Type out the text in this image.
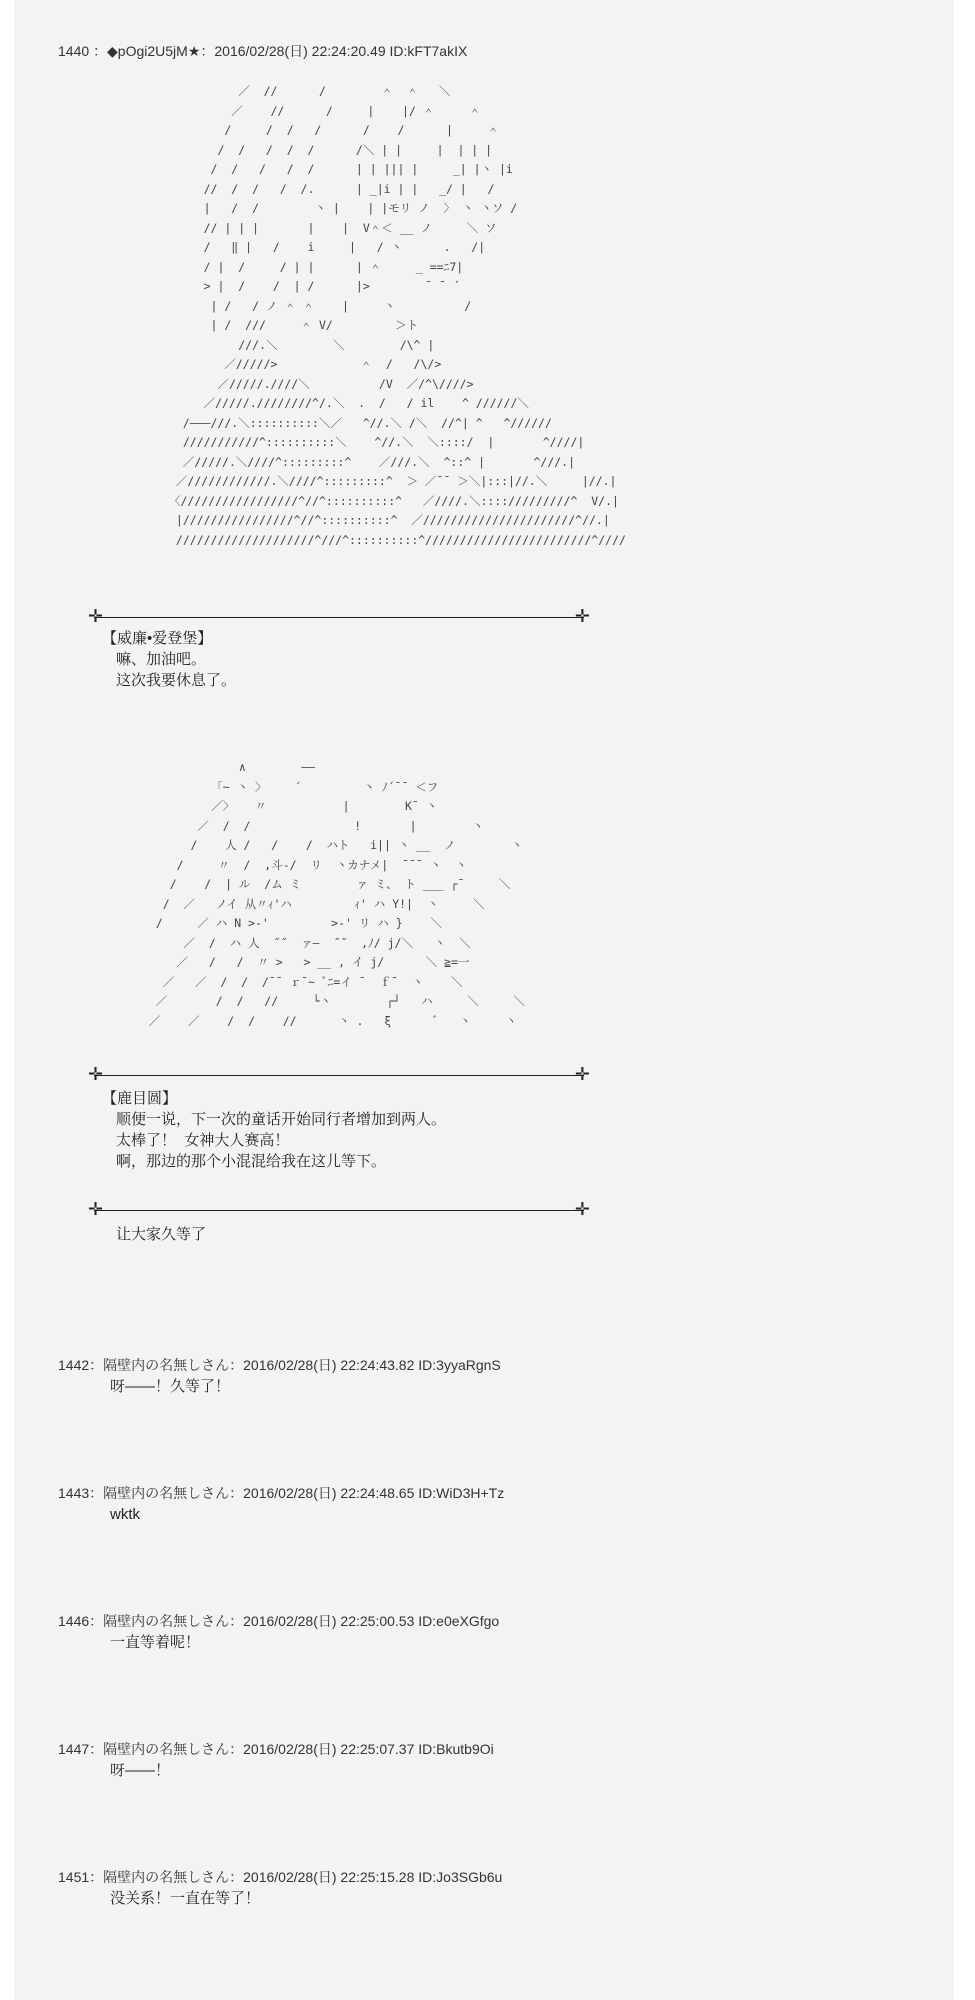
1440 ：◆pOgi2U5jM★：2016/02/28(日) 22:24:20.49 ID:kFT7akIX
／  //      /        ＾  ＾   ＼
／    //      /     |    |/ ＾     ＾
/     /  /   /      /    /      |     ＾
/  /   /  /  /      /＼ | |     |  | | |
/  /   /   /  /      | | ||| |     _| |丶 |i
//  /  /   /  /.      | _|i | |   _/ |   /
|   /  /        丶 |    | |モリ ノ  〉 丶 丶ソ /
// | | |       |    |  V＾＜ __ ノ     ＼ ソ
/   ‖ |   /    i     |   / 丶      .   /|
/ |  /     / | |      | ＾     _ ==ﾆ7|
> |  /    /  | /      |>        ¯ ¯ ´
| /   / ノ ＾ ＾    |     丶          /
| /  ///     ＾ V/         ＞ト
///.＼        ＼        /\^ |
／/////>            ＾  /   /\/>
／/////.////＼          /V  ／/^\////>
／/////.////////^/.＼  .  /   / il    ^ //////＼
/———///.＼::::::::::＼／   ^//.＼ /＼  //^| ^   ^//////
///////////^::::::::::＼    ^//.＼  ＼::::/  |       ^////|
／/////.＼////^:::::::::^    ／///.＼  ^::^ |       ^///.|
／////////////.＼////^:::::::::^  ＞ ／¯¯ ＞＼|:::|//.＼     |//.|
〈/////////////////^//^::::::::::^   ／////.＼:::://///////^  V/.|
|////////////////^//^::::::::::^  ／//////////////////////^//.|
////////////////////^///^::::::::::^////////////////////////^////
✛	✛
【威廉•爱登堡】
嘛、加油吧。
这次我要休息了。
∧        ——
「~ 丶 〉    ´         丶 ﾉ´¯¯ ＜フ
／〉   〃           |        K¯ 丶
／  /  /               !       |        丶
/    人 /   /    /  ハト   i|| 丶 __  ノ        丶
/     〃  /  ,斗-/  リ  丶カナメ|  ¯¯¯ 丶  丶
/    /  | ル  /ム ミ        ァ ミ、 ト ___ ┌¯     ＼
/  ／   ノイ 从〃ｨ'ハ         ｨ' ハ Y!|  丶     ＼
/     ／ ハ N >-'         >-' リ ハ }    ＼
／  /  ハ 人  ˝˝  ァ—  ˝˝  ,ﾉ/ j/＼   丶  ＼
／   /   /  〃 >   > __ , イ j/      ＼ ≧=一
／   ／  /  /  /¯¯ ｒ¯~ ﾞﾆ=イ ¯  ｆ¯  丶    ＼
／       /  /   //     └丶        ┌┘   ハ     ＼     ＼
／    ／    /  /    //      丶 .   ξ      ﾞ   丶     丶
✛	✛
【鹿目圆】
顺便一说，下一次的童话开始同行者增加到两人。
太棒了！  女神大人赛高！
啊，那边的那个小混混给我在这儿等下。
✛	✛
让大家久等了
1442：隔壁内の名無しさん：2016/02/28(日) 22:24:43.82 ID:3yyaRgnS
呀——！久等了！
1443：隔壁内の名無しさん：2016/02/28(日) 22:24:48.65 ID:WiD3H+Tz
wktk
1446：隔壁内の名無しさん：2016/02/28(日) 22:25:00.53 ID:e0eXGfgo
一直等着呢！
1447：隔壁内の名無しさん：2016/02/28(日) 22:25:07.37 ID:Bkutb9Oi
呀——！
1451：隔壁内の名無しさん：2016/02/28(日) 22:25:15.28 ID:Jo3SGb6u
没关系！一直在等了！
